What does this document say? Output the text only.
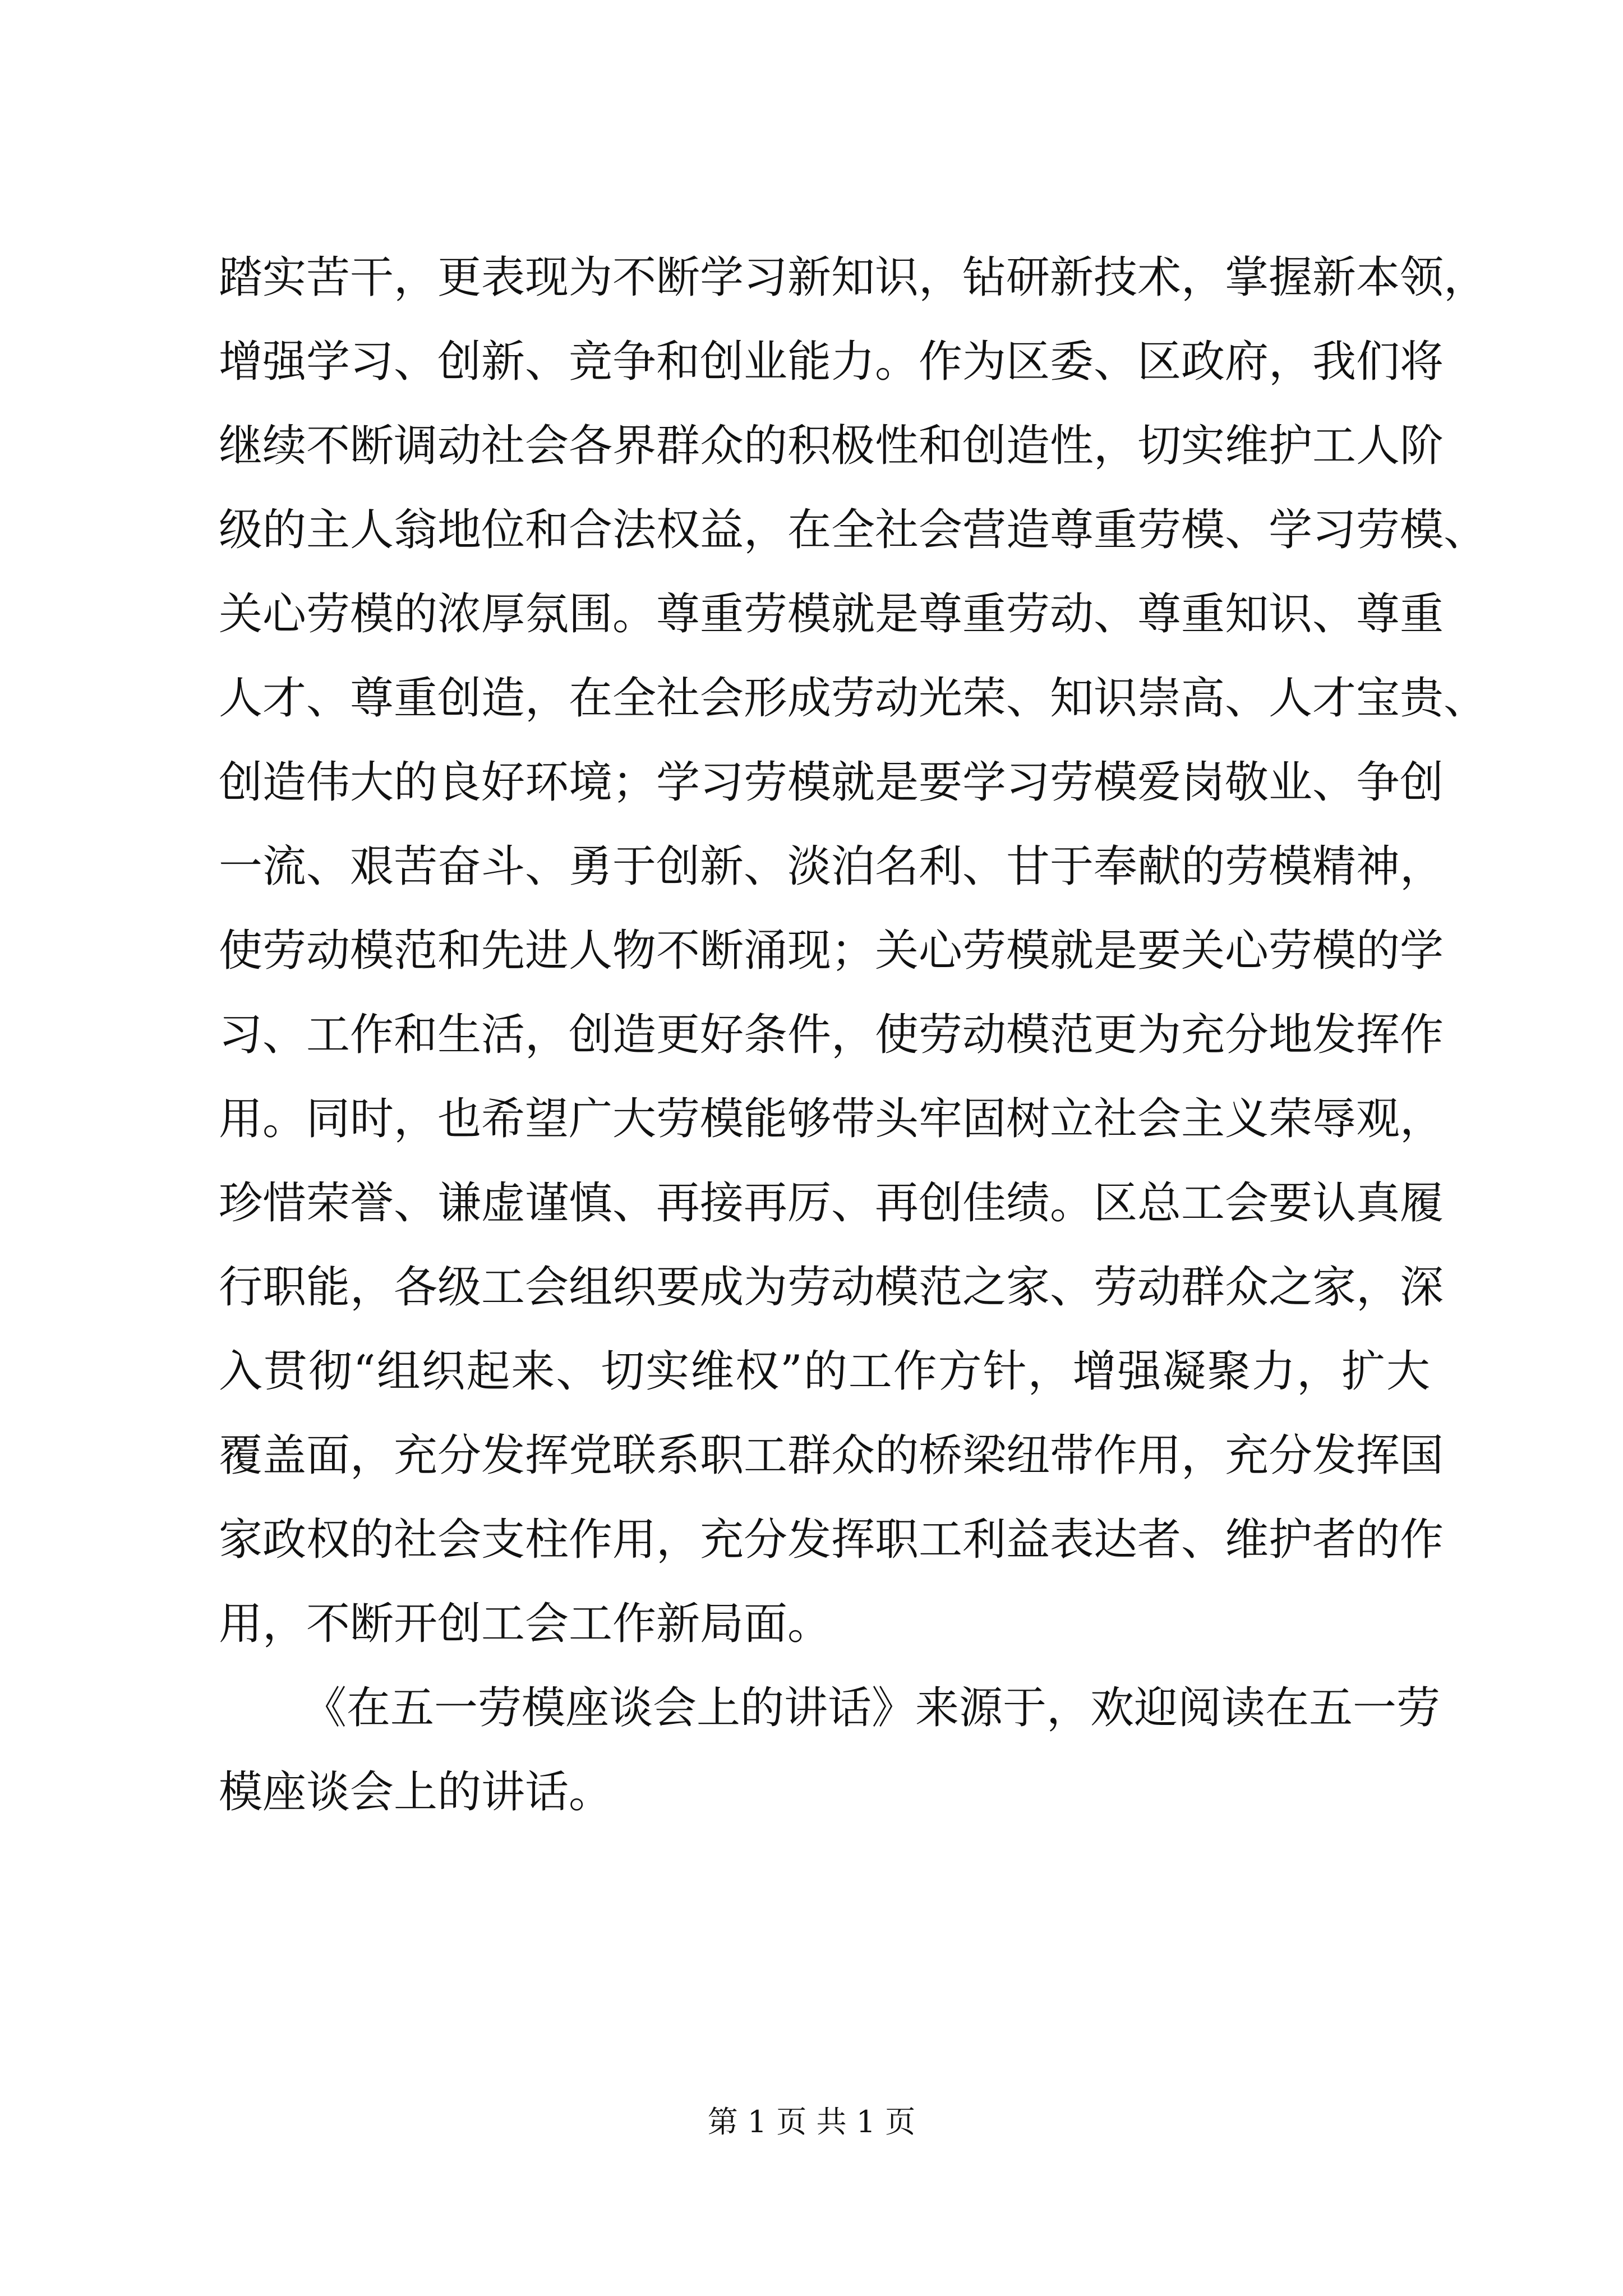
踏实苦干，更表现为不断学习新知识，钻研新技术，掌握新本领，
增强学习、创新、竞争和创业能力。作为区委、区政府，我们将
继续不断调动社会各界群众的积极性和创造性，切实维护工人阶
级的主人翁地位和合法权益，在全社会营造尊重劳模、学习劳模、
关心劳模的浓厚氛围。尊重劳模就是尊重劳动、尊重知识、尊重
人才、尊重创造，在全社会形成劳动光荣、知识崇高、人才宝贵、
创造伟大的良好环境；学习劳模就是要学习劳模爱岗敬业、争创
一流、艰苦奋斗、勇于创新、淡泊名利、甘于奉献的劳模精神，
使劳动模范和先进人物不断涌现；关心劳模就是要关心劳模的学
习、工作和生活，创造更好条件，使劳动模范更为充分地发挥作
用。同时，也希望广大劳模能够带头牢固树立社会主义荣辱观，
珍惜荣誉、谦虚谨慎、再接再厉、再创佳绩。区总工会要认真履
行职能，各级工会组织要成为劳动模范之家、劳动群众之家，深
入贯彻“组织起来、切实维权”的工作方针，增强凝聚力，扩大
覆盖面，充分发挥党联系职工群众的桥梁纽带作用，充分发挥国
家政权的社会支柱作用，充分发挥职工利益表达者、维护者的作
用，不断开创工会工作新局面。
《在五一劳模座谈会上的讲话》来源于，欢迎阅读在五一劳
模座谈会上的讲话。
第 1 页 共 1 页
